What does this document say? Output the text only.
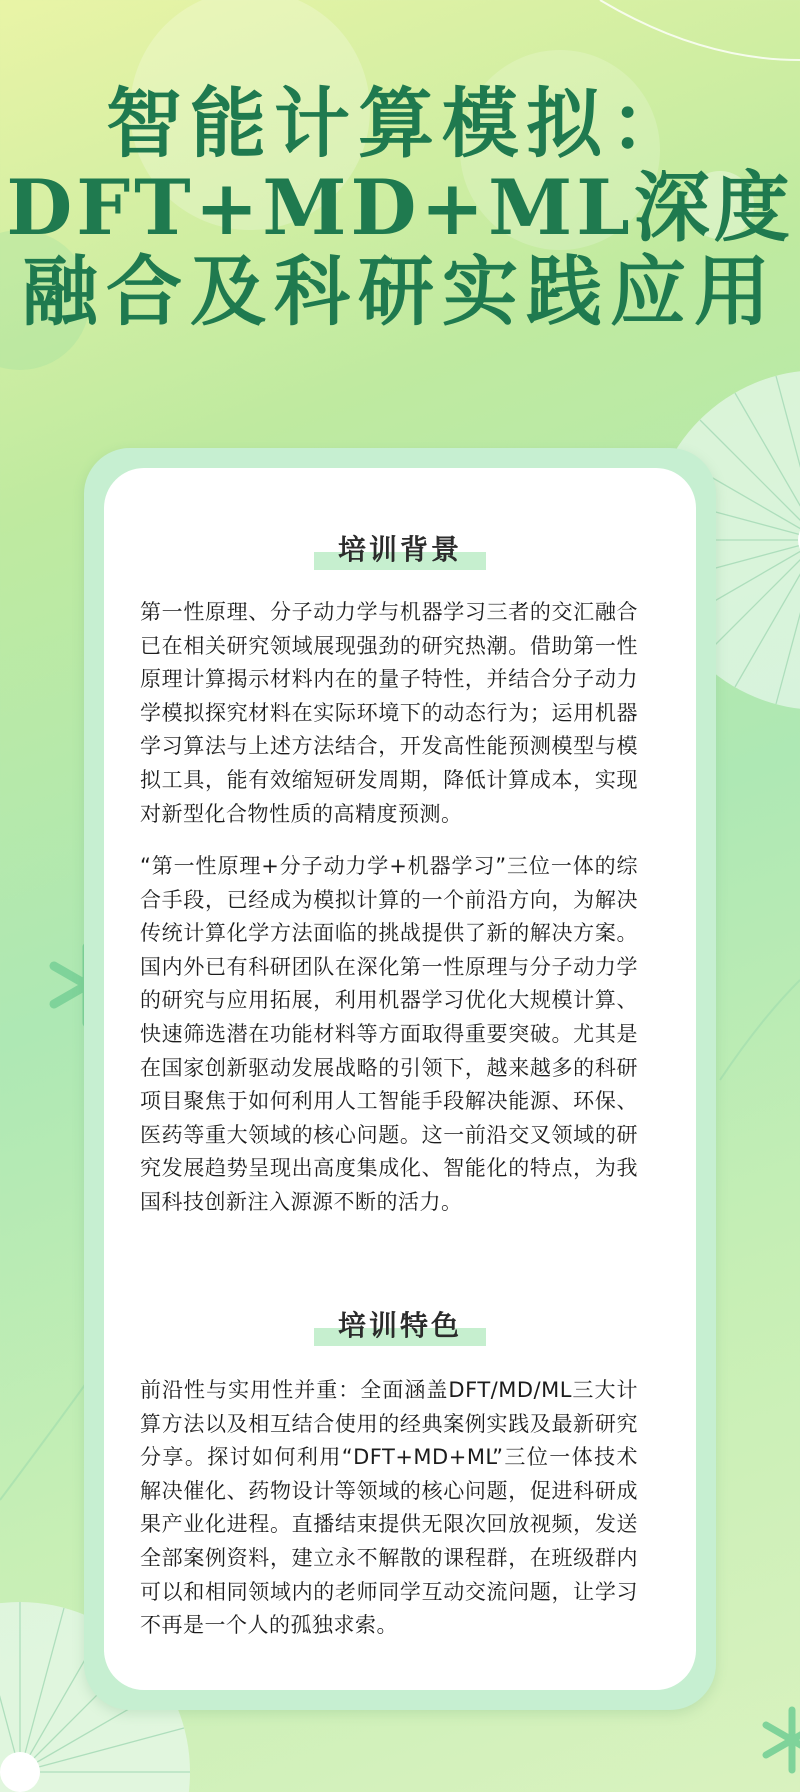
智能计算模拟：
DFT+MD+ML深度
融合及科研实践应用
培训背景
第一性原理、分子动力学与机器学习三者的交汇融合已在相关研究领域展现强劲的研究热潮。借助第一性原理计算揭示材料内在的量子特性，并结合分子动力学模拟探究材料在实际环境下的动态行为；运用机器学习算法与上述方法结合，开发高性能预测模型与模拟工具，能有效缩短研发周期，降低计算成本，实现对新型化合物性质的高精度预测。
“第一性原理+分子动力学+机器学习”三位一体的综合手段，已经成为模拟计算的一个前沿方向，为解决传统计算化学方法面临的挑战提供了新的解决方案。国内外已有科研团队在深化第一性原理与分子动力学的研究与应用拓展，利用机器学习优化大规模计算、快速筛选潜在功能材料等方面取得重要突破。尤其是在国家创新驱动发展战略的引领下，越来越多的科研项目聚焦于如何利用人工智能手段解决能源、环保、医药等重大领域的核心问题。这一前沿交叉领域的研究发展趋势呈现出高度集成化、智能化的特点，为我国科技创新注入源源不断的活力。
培训特色
前沿性与实用性并重：全面涵盖DFT/MD/ML三大计算方法以及相互结合使用的经典案例实践及最新研究分享。探讨如何利用“DFT+MD+ML”三位一体技术解决催化、药物设计等领域的核心问题，促进科研成果产业化进程。直播结束提供无限次回放视频，发送全部案例资料，建立永不解散的课程群，在班级群内可以和相同领域内的老师同学互动交流问题，让学习不再是一个人的孤独求索。
